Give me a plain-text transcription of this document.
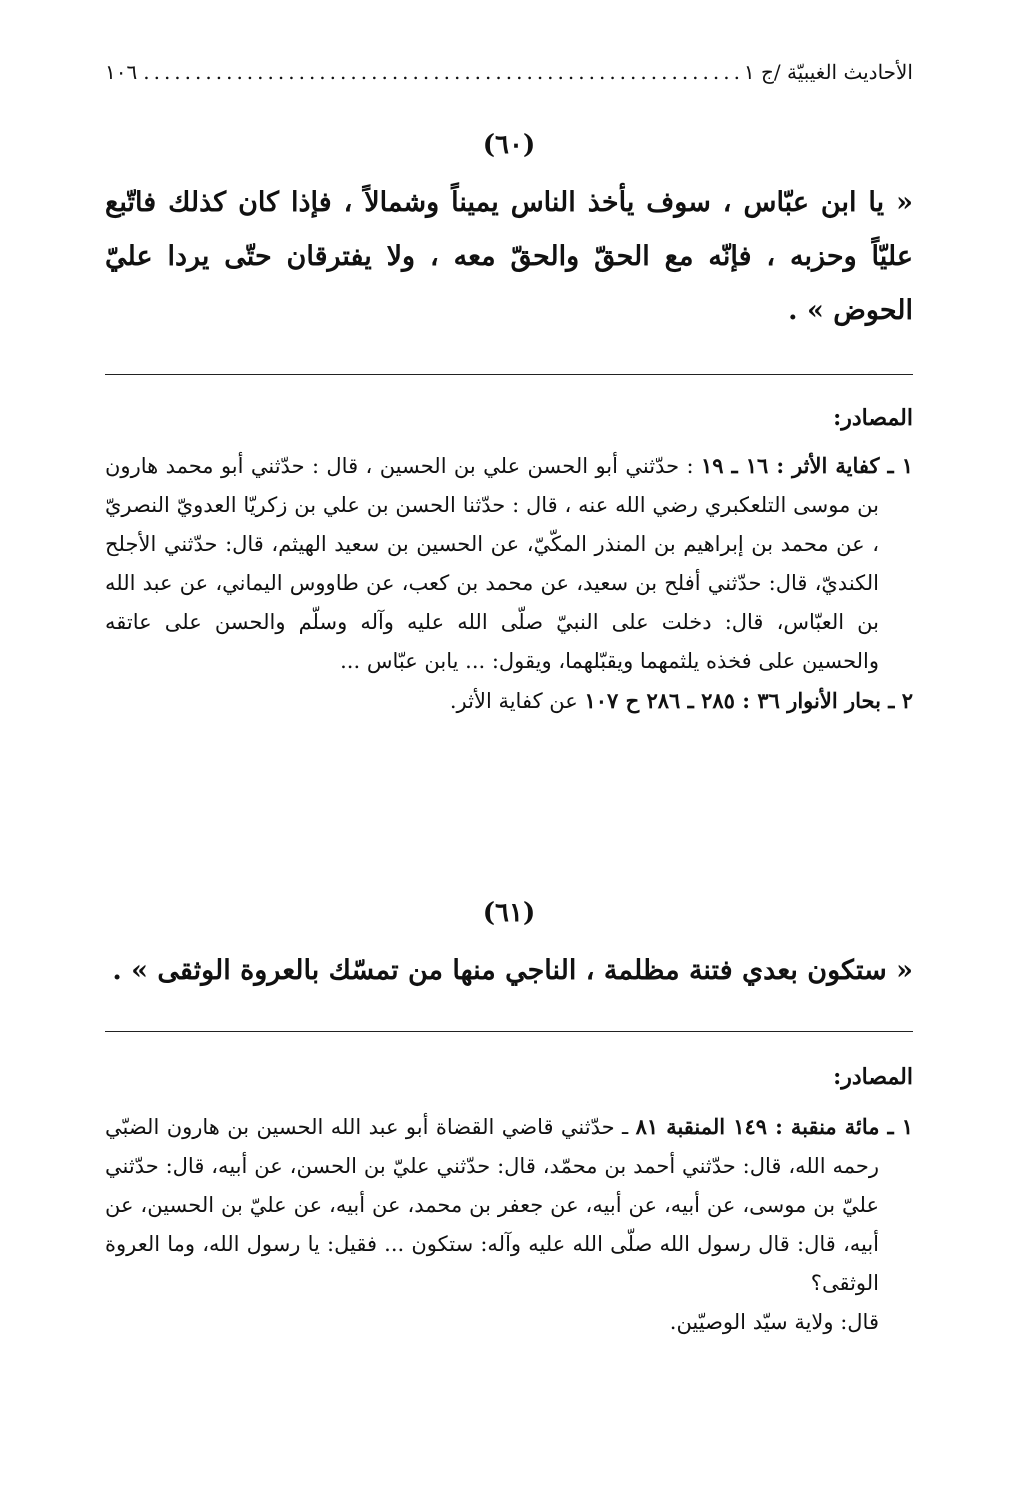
الأحاديث الغيبيّة /ج ١
.....
١٠٦
(٦٠)
« يا ابن عبّاس ، سوف يأخذ الناس يميناً وشمالاً ، فإذا كان كذلك فاتّبع عليّاً وحزبه ، فإنّه مع الحقّ والحقّ معه ، ولا يفترقان حتّى يردا عليّ الحوض » .
المصادر:
١ ـ كفاية الأثر : ١٦ ـ ١٩ : حدّثني أبو الحسن علي بن الحسين ، قال : حدّثني أبو محمد هارون بن موسى التلعكبري رضي الله عنه ، قال : حدّثنا الحسن بن علي بن زكريّا العدويّ النصريّ ، عن محمد بن إبراهيم بن المنذر المكّيّ، عن الحسين بن سعيد الهيثم، قال: حدّثني الأجلح الكنديّ، قال: حدّثني أفلح بن سعيد، عن محمد بن كعب، عن طاووس اليماني، عن عبد الله بن العبّاس، قال: دخلت على النبيّ صلّى الله عليه وآله وسلّم والحسن على عاتقه والحسين على فخذه يلثمهما ويقبّلهما، ويقول: ... يابن عبّاس ...
٢ ـ بحار الأنوار ٣٦ : ٢٨٥ ـ ٢٨٦ ح ١٠٧ عن كفاية الأثر.
(٦١)
« ستكون بعدي فتنة مظلمة ، الناجي منها من تمسّك بالعروة الوثقى » .
المصادر:
١ ـ مائة منقبة : ١٤٩ المنقبة ٨١ ـ حدّثني قاضي القضاة أبو عبد الله الحسين بن هارون الضبّي رحمه الله، قال: حدّثني أحمد بن محمّد، قال: حدّثني عليّ بن الحسن، عن أبيه، قال: حدّثني عليّ بن موسى، عن أبيه، عن أبيه، عن جعفر بن محمد، عن أبيه، عن عليّ بن الحسين، عن أبيه، قال: قال رسول الله صلّى الله عليه وآله: ستكون ... فقيل: يا رسول الله، وما العروة الوثقى؟
قال: ولاية سيّد الوصيّين.
